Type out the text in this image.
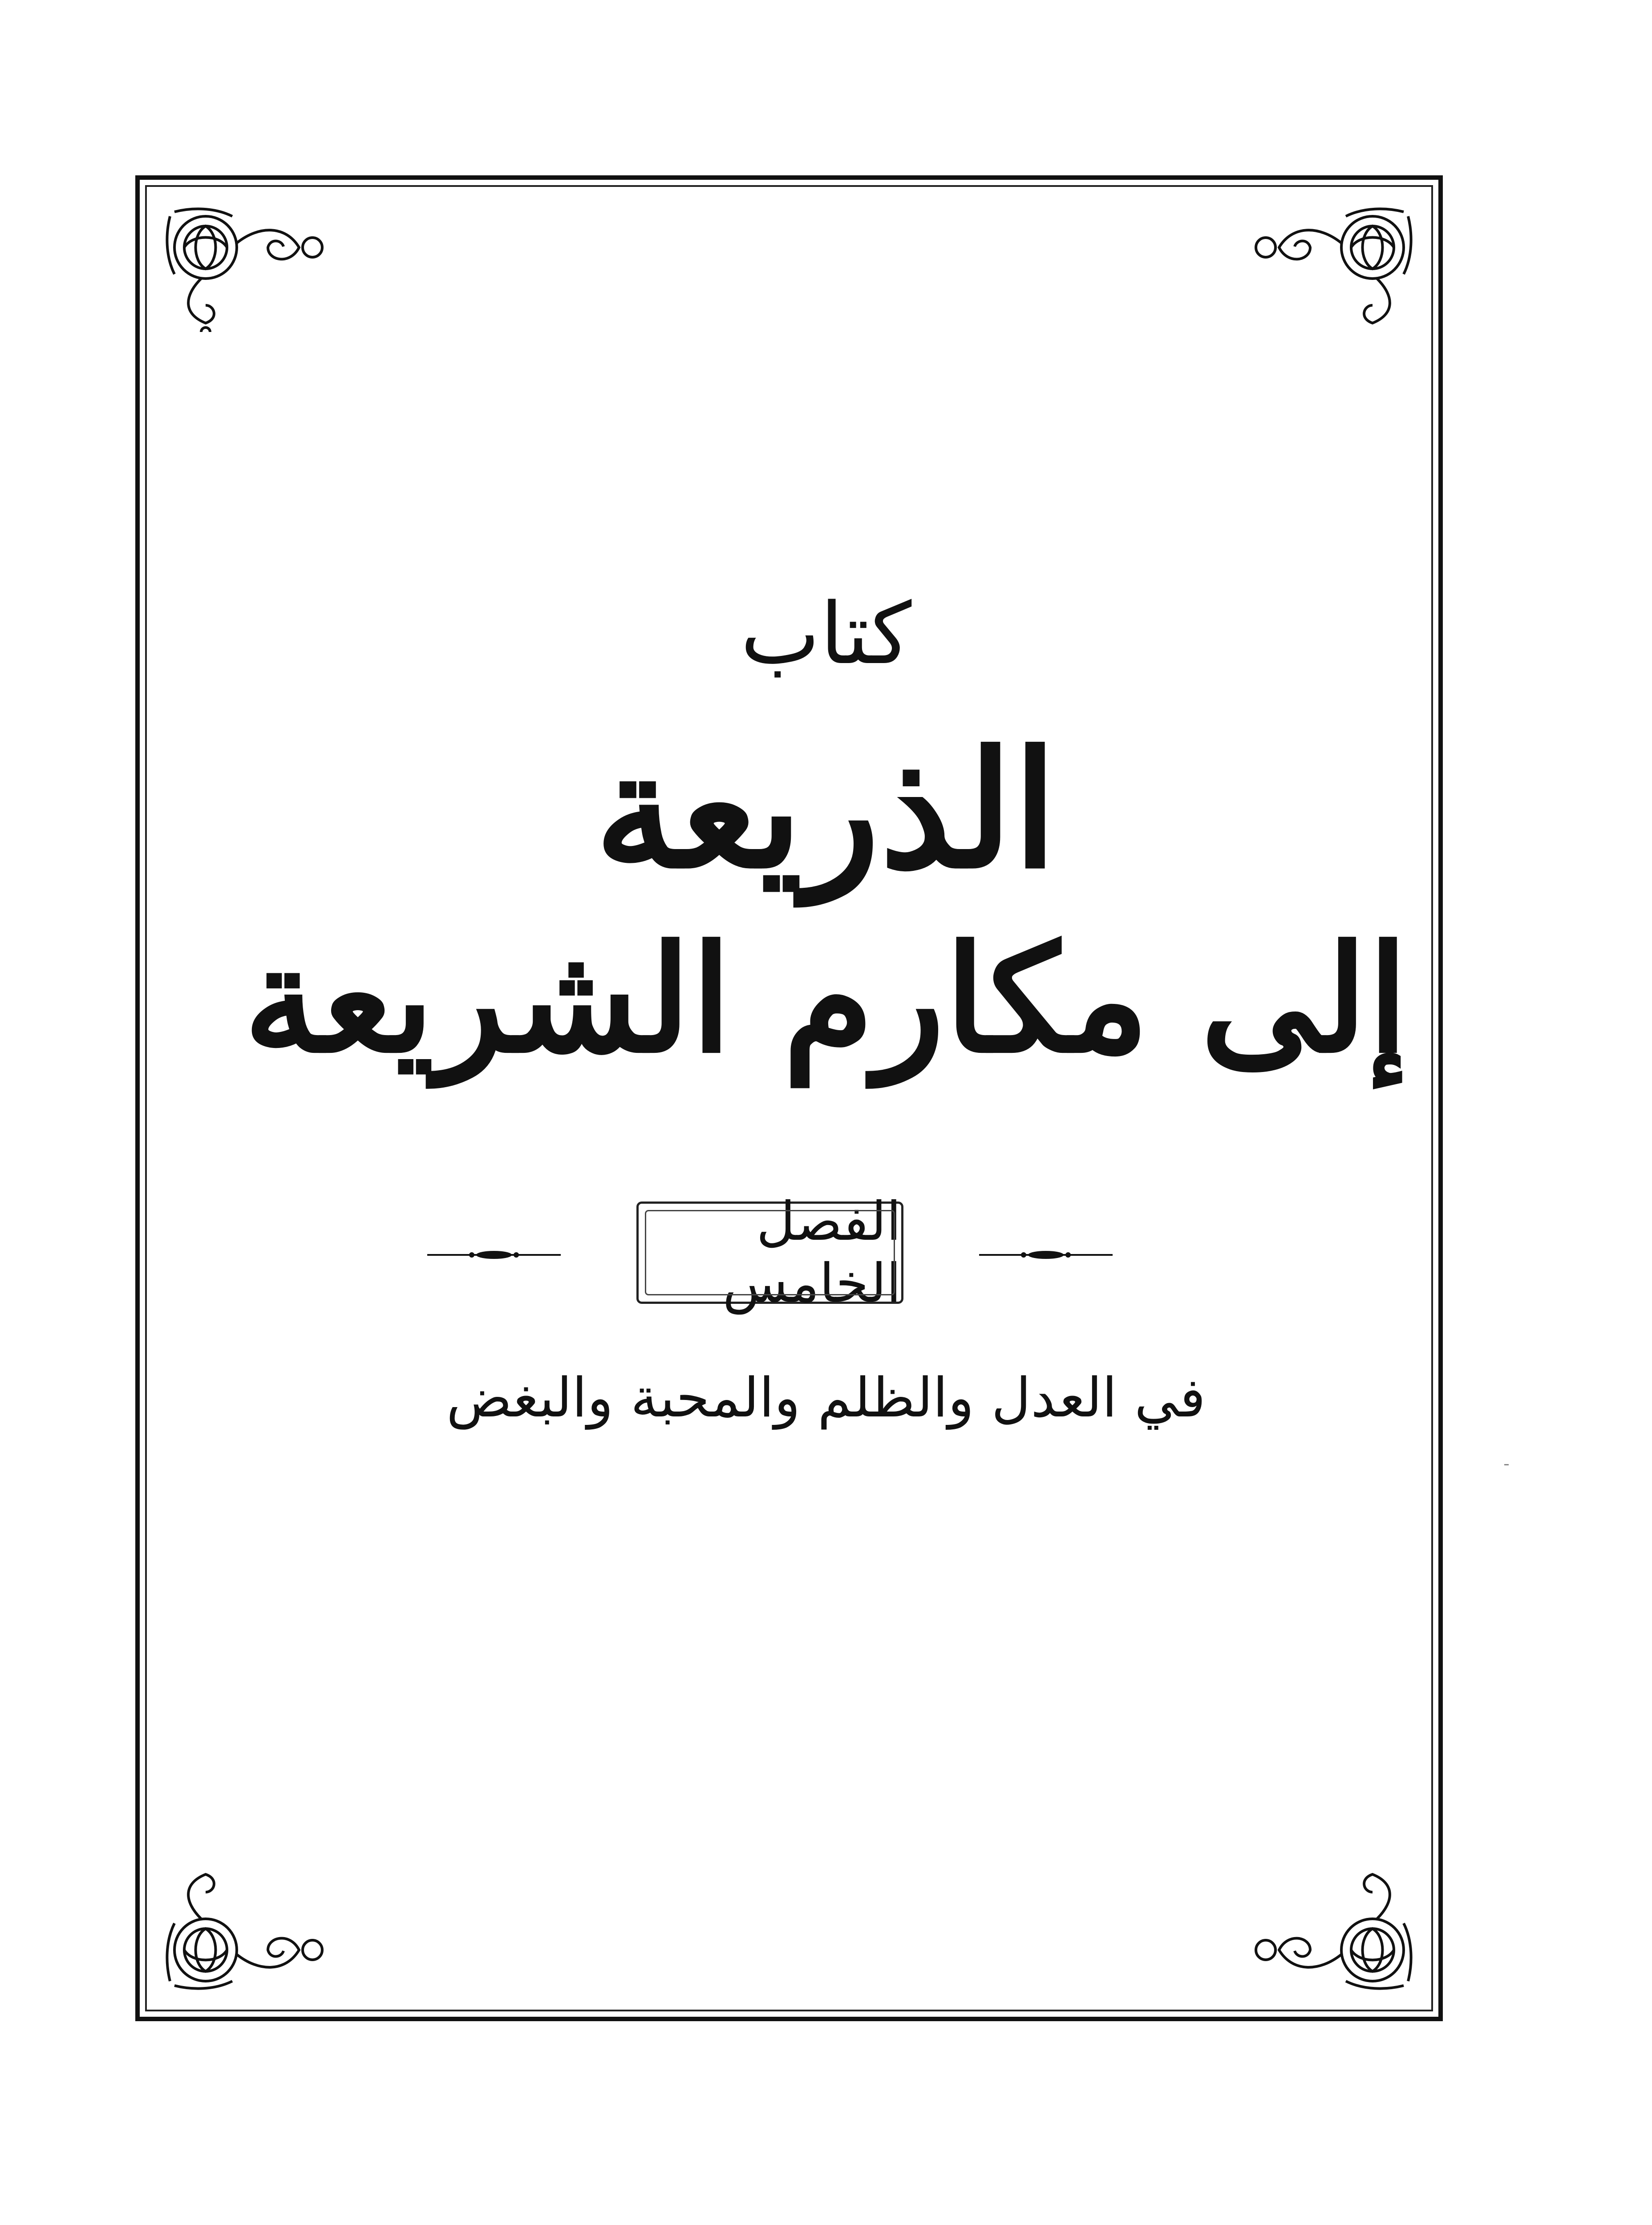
كتاب
الذريعة
إلى مكارم الشريعة
الفصل الخامس
في العدل والظلم والمحبة والبغض
